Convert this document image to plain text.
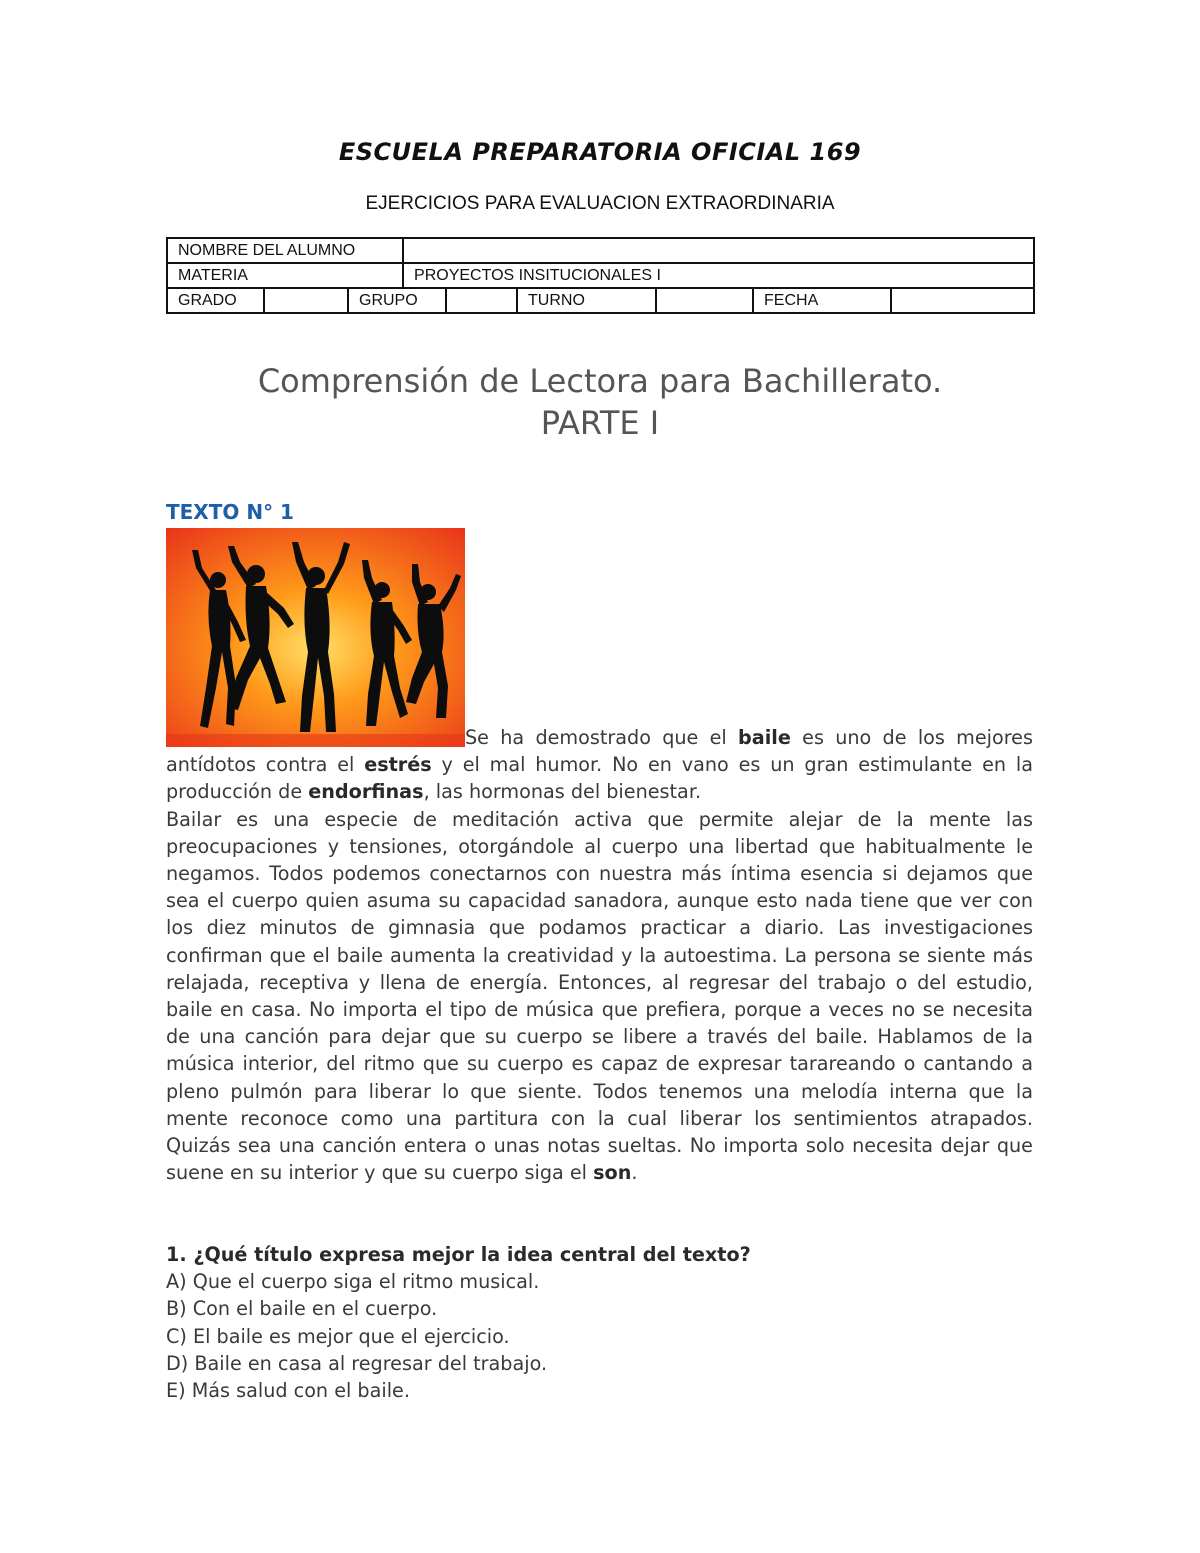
ESCUELA PREPARATORIA OFICIAL 169
EJERCICIOS PARA EVALUACION EXTRAORDINARIA
NOMBRE DEL ALUMNO								
MATERIA			PROYECTOS INSITUCIONALES I					
GRADO		GRUPO			TURNO		FECHA	
Comprensión de Lectora para Bachillerato.
PARTE I
TEXTO N° 1

Se ha demostrado que el baile es uno de los mejores antídotos contra el estrés y el mal humor. No en vano es un gran estimulante en la producción de endorfinas, las hormonas del bienestar.
Bailar es una especie de meditación activa que permite alejar de la mente las preocupaciones y tensiones, otorgándole al cuerpo una libertad que habitualmente le negamos. Todos podemos conectarnos con nuestra más íntima esencia si dejamos que sea el cuerpo quien asuma su capacidad sanadora, aunque esto nada tiene que ver con los diez minutos de gimnasia que podamos practicar a diario. Las investigaciones confirman que el baile aumenta la creatividad y la autoestima. La persona se siente más relajada, receptiva y llena de energía. Entonces, al regresar del trabajo o del estudio, baile en casa. No importa el tipo de música que prefiera, porque a veces no se necesita de una canción para dejar que su cuerpo se libere a través del baile. Hablamos de la música interior, del ritmo que su cuerpo es capaz de expresar tarareando o cantando a pleno pulmón para liberar lo que siente. Todos tenemos una melodía interna que la mente reconoce como una partitura con la cual liberar los sentimientos atrapados. Quizás sea una canción entera o unas notas sueltas. No importa solo necesita dejar que suene en su interior y que su cuerpo siga el son.

1. ¿Qué título expresa mejor la idea central del texto?
A) Que el cuerpo siga el ritmo musical.
B) Con el baile en el cuerpo.
C) El baile es mejor que el ejercicio.
D) Baile en casa al regresar del trabajo.
E) Más salud con el baile.
